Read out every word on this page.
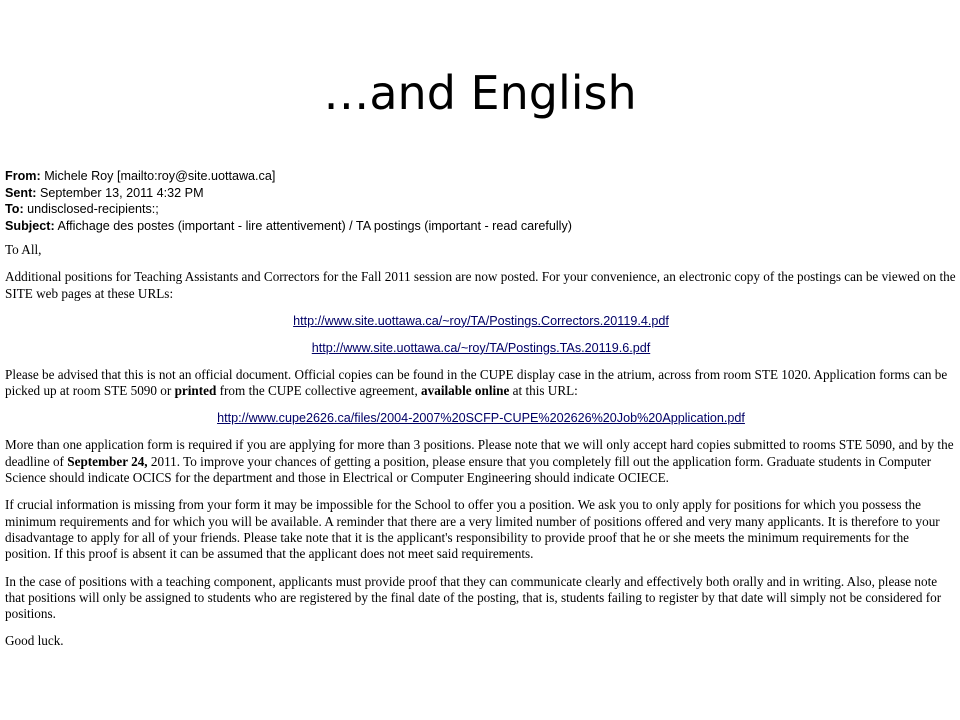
…and English
From: Michele Roy [mailto:roy@site.uottawa.ca]
Sent: September 13, 2011 4:32 PM
To: undisclosed-recipients:;
Subject: Affichage des postes (important - lire attentivement) / TA postings (important - read carefully)

To All,

Additional positions for Teaching Assistants and Correctors for the Fall 2011 session are now posted. For your convenience, an electronic copy of the postings can be viewed on the SITE web pages at these URLs:

http://www.site.uottawa.ca/~roy/TA/Postings.Correctors.20119.4.pdf
http://www.site.uottawa.ca/~roy/TA/Postings.TAs.20119.6.pdf

Please be advised that this is not an official document. Official copies can be found in the CUPE display case in the atrium, across from room STE 1020. Application forms can be picked up at room STE 5090 or printed from the CUPE collective agreement, available online at this URL:

http://www.cupe2626.ca/files/2004-2007%20SCFP-CUPE%202626%20Job%20Application.pdf

More than one application form is required if you are applying for more than 3 positions. Please note that we will only accept hard copies submitted to rooms STE 5090, and by the deadline of September 24, 2011. To improve your chances of getting a position, please ensure that you completely fill out the application form. Graduate students in Computer Science should indicate OCICS for the department and those in Electrical or Computer Engineering should indicate OCIECE.

If crucial information is missing from your form it may be impossible for the School to offer you a position. We ask you to only apply for positions for which you possess the minimum requirements and for which you will be available. A reminder that there are a very limited number of positions offered and very many applicants. It is therefore to your disadvantage to apply for all of your friends. Please take note that it is the applicant's responsibility to provide proof that he or she meets the minimum requirements for the position. If this proof is absent it can be assumed that the applicant does not meet said requirements.

In the case of positions with a teaching component, applicants must provide proof that they can communicate clearly and effectively both orally and in writing. Also, please note that positions will only be assigned to students who are registered by the final date of the posting, that is, students failing to register by that date will simply not be considered for positions.

Good luck.
